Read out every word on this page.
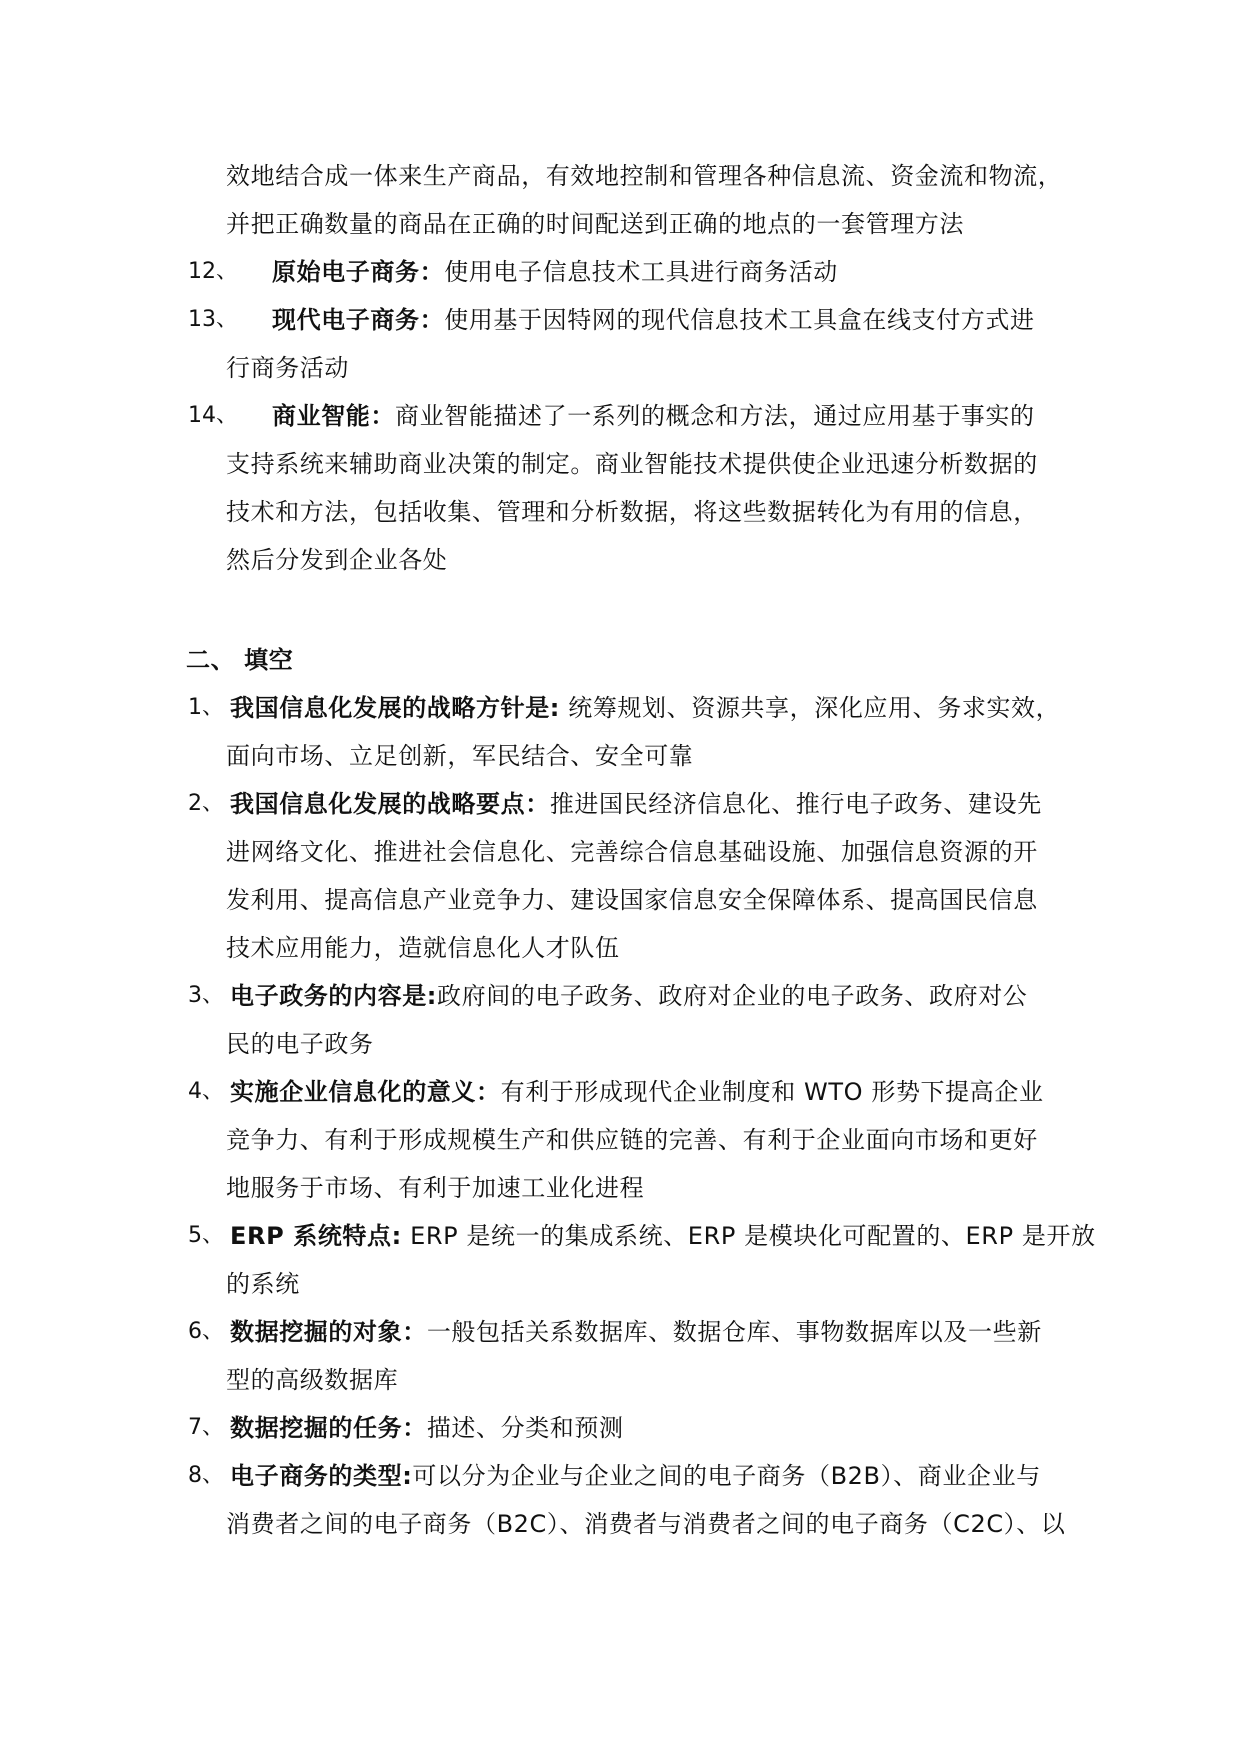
效地结合成一体来生产商品，有效地控制和管理各种信息流、资金流和物流，
并把正确数量的商品在正确的时间配送到正确的地点的一套管理方法
12、 原始电子商务：使用电子信息技术工具进行商务活动
13、 现代电子商务：使用基于因特网的现代信息技术工具盒在线支付方式进
行商务活动
14、 商业智能：商业智能描述了一系列的概念和方法，通过应用基于事实的
支持系统来辅助商业决策的制定。商业智能技术提供使企业迅速分析数据的
技术和方法，包括收集、管理和分析数据，将这些数据转化为有用的信息，
然后分发到企业各处
二、 填空
1、 我国信息化发展的战略方针是: 统筹规划、资源共享，深化应用、务求实效，
面向市场、立足创新，军民结合、安全可靠
2、 我国信息化发展的战略要点：推进国民经济信息化、推行电子政务、建设先
进网络文化、推进社会信息化、完善综合信息基础设施、加强信息资源的开
发利用、提高信息产业竞争力、建设国家信息安全保障体系、提高国民信息
技术应用能力，造就信息化人才队伍
3、 电子政务的内容是:政府间的电子政务、政府对企业的电子政务、政府对公
民的电子政务
4、 实施企业信息化的意义：有利于形成现代企业制度和 WTO 形势下提高企业
竞争力、有利于形成规模生产和供应链的完善、有利于企业面向市场和更好
地服务于市场、有利于加速工业化进程
5、 ERP 系统特点: ERP 是统一的集成系统、ERP 是模块化可配置的、ERP 是开放
的系统
6、 数据挖掘的对象：一般包括关系数据库、数据仓库、事物数据库以及一些新
型的高级数据库
7、 数据挖掘的任务：描述、分类和预测
8、 电子商务的类型:可以分为企业与企业之间的电子商务（B2B）、商业企业与
消费者之间的电子商务（B2C）、消费者与消费者之间的电子商务（C2C）、以
